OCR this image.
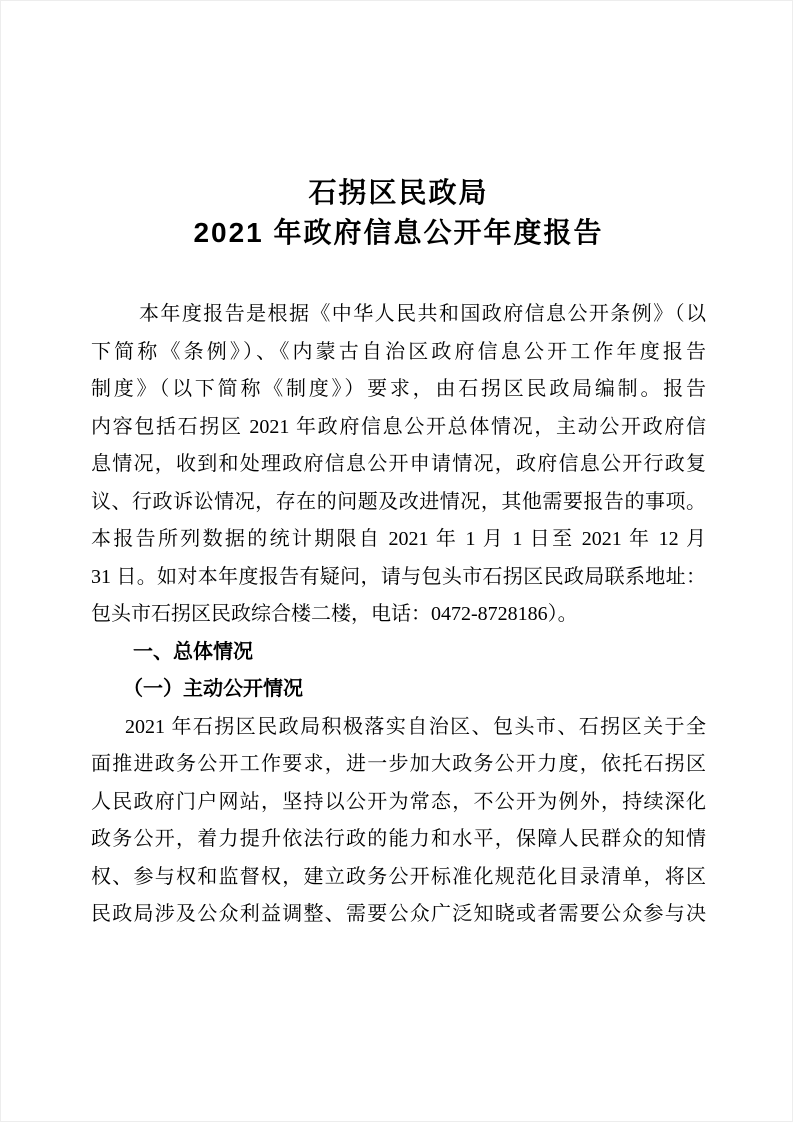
石拐区民政局
2021 年政府信息公开年度报告
本年度报告是根据《中华人民共和国政府信息公开条例》（以
下简称《条例》）、《内蒙古自治区政府信息公开工作年度报告
制度》（以下简称《制度》）要求，由石拐区民政局编制。报告
内容包括石拐区 2021 年政府信息公开总体情况，主动公开政府信
息情况，收到和处理政府信息公开申请情况，政府信息公开行政复
议、行政诉讼情况，存在的问题及改进情况，其他需要报告的事项。
本报告所列数据的统计期限自 2021 年 1 月 1 日至 2021 年 12 月
31 日。如对本年度报告有疑问，请与包头市石拐区民政局联系地址：
包头市石拐区民政综合楼二楼，电话：0472-8728186）。
一、总体情况
（一）主动公开情况
2021 年石拐区民政局积极落实自治区、包头市、石拐区关于全
面推进政务公开工作要求，进一步加大政务公开力度，依托石拐区
人民政府门户网站，坚持以公开为常态，不公开为例外，持续深化
政务公开，着力提升依法行政的能力和水平，保障人民群众的知情
权、参与权和监督权，建立政务公开标准化规范化目录清单，将区
民政局涉及公众利益调整、需要公众广泛知晓或者需要公众参与决
